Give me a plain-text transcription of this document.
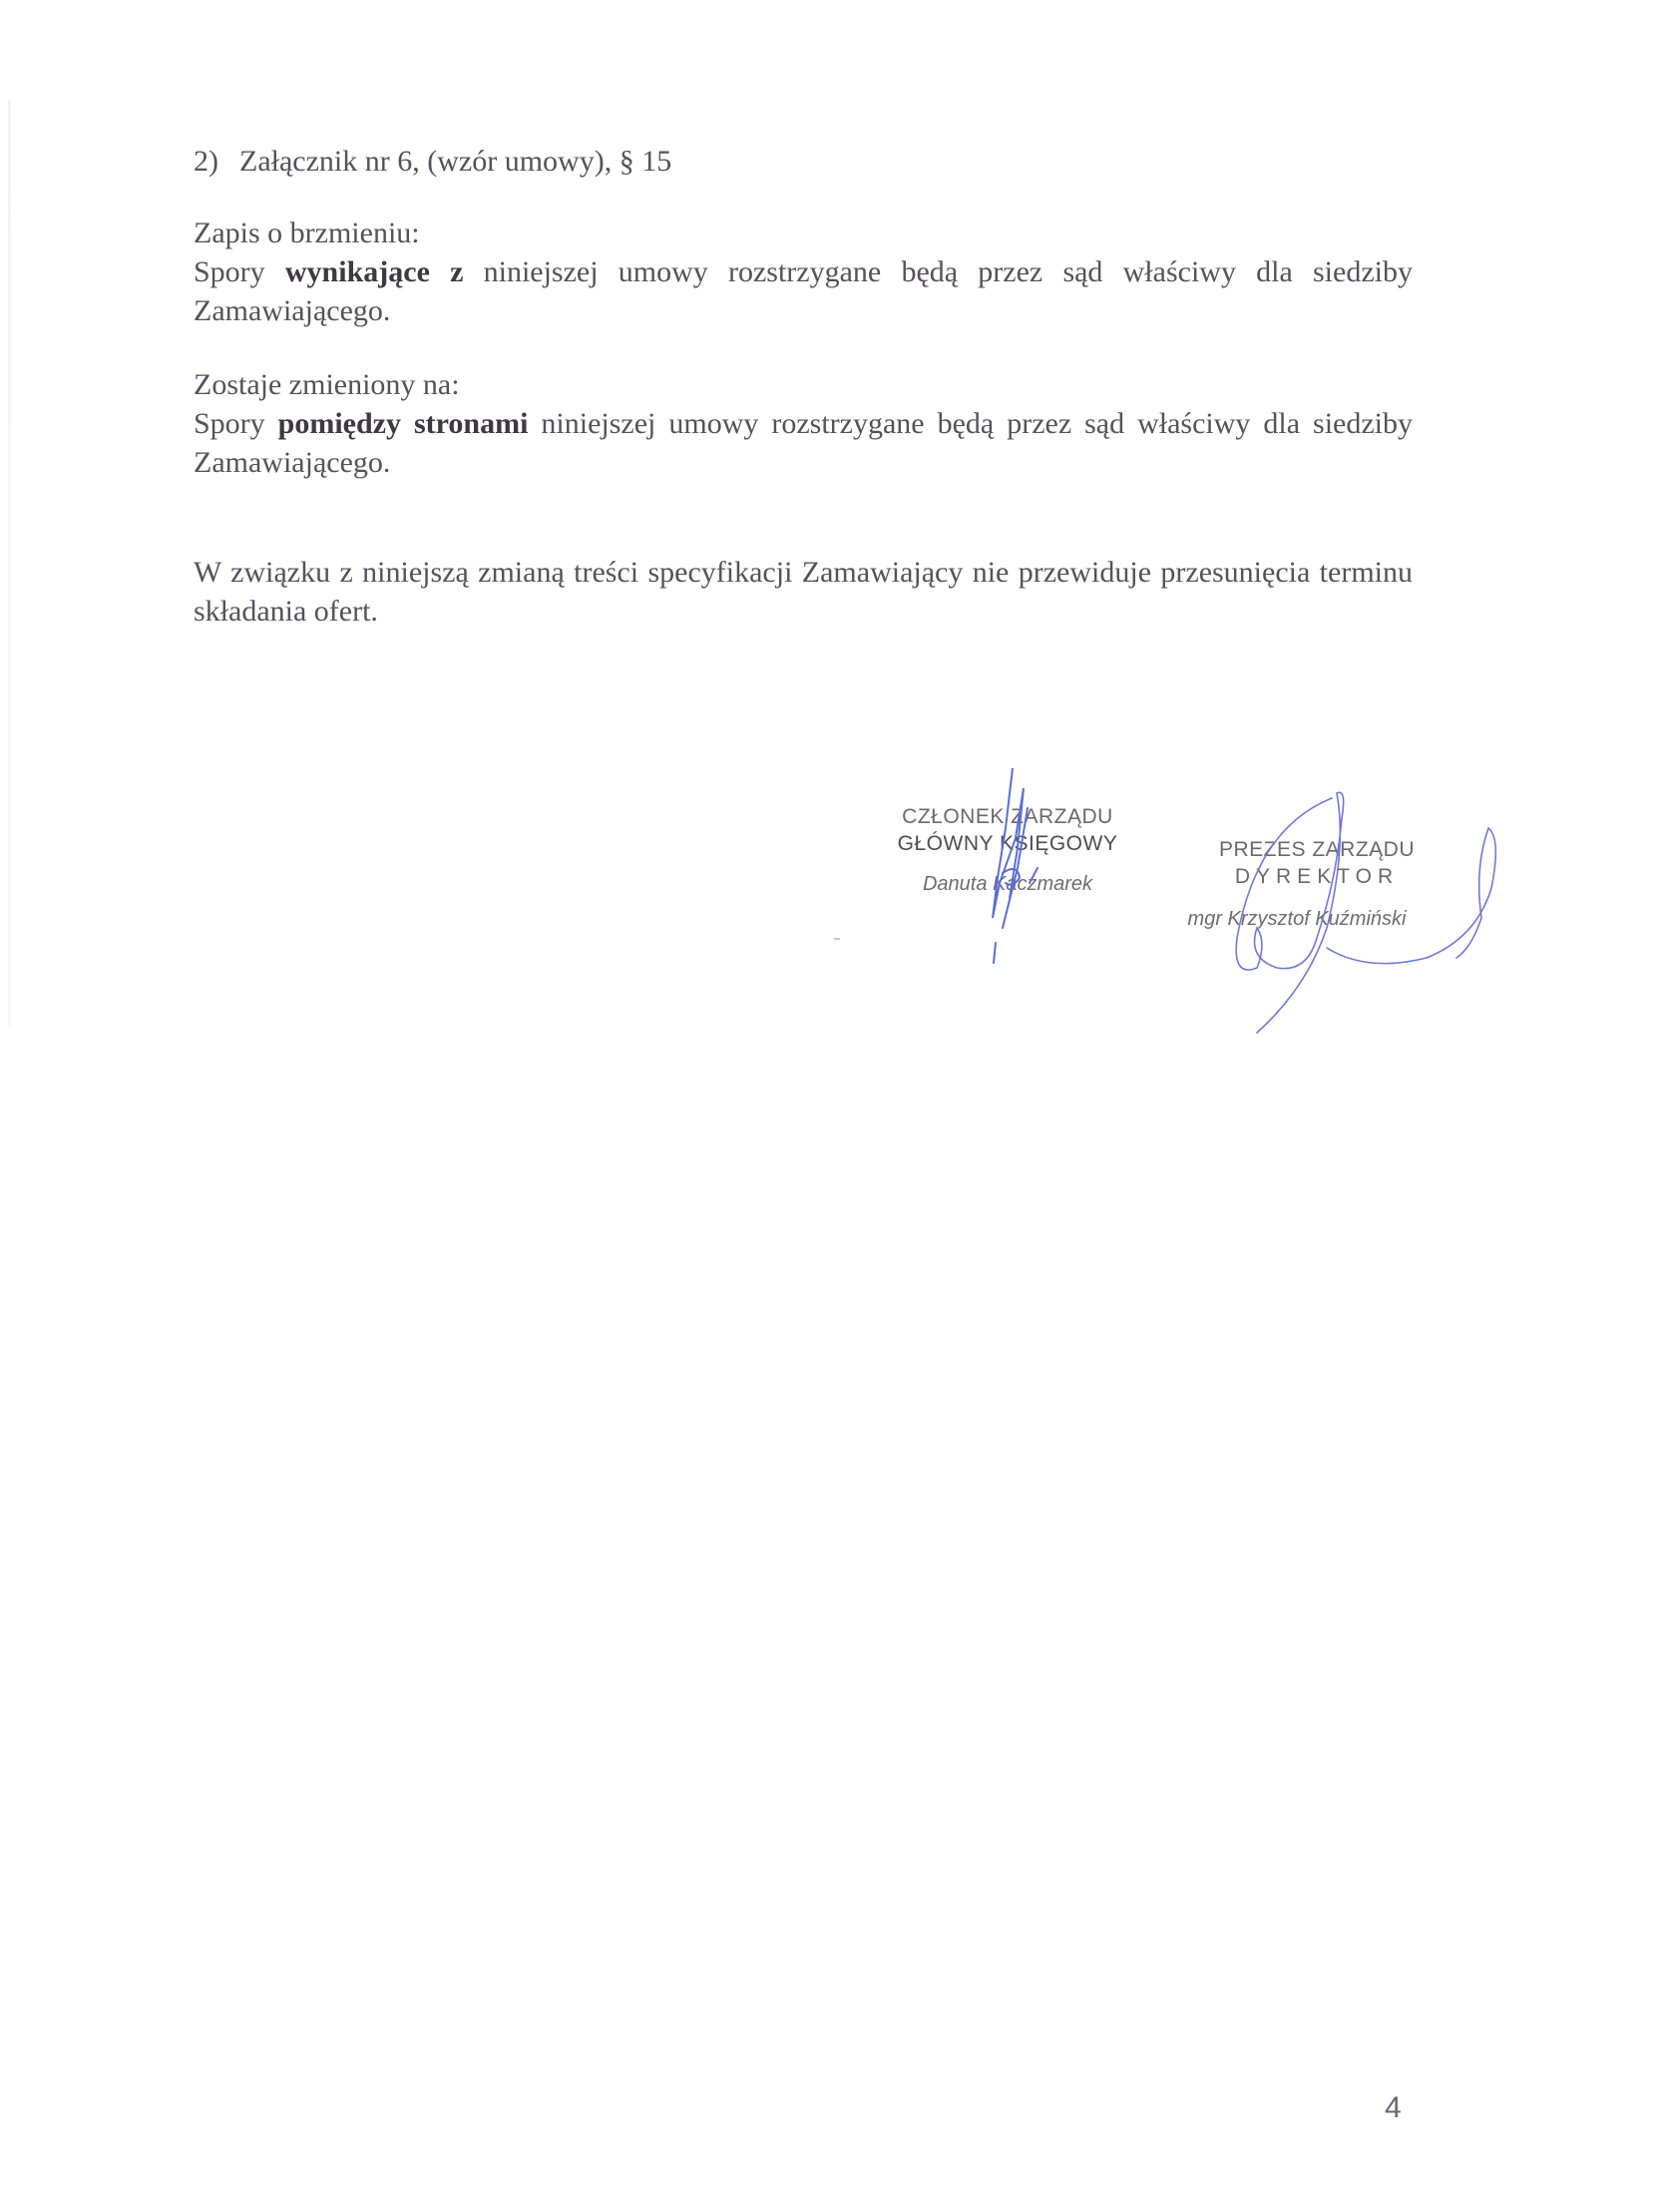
2) Załącznik nr 6, (wzór umowy), § 15

Zapis o brzmieniu:

Spory wynikające z niniejszej umowy rozstrzygane będą przez sąd właściwy dla siedziby Zamawiającego.

Zostaje zmieniony na:

Spory pomiędzy stronami niniejszej umowy rozstrzygane będą przez sąd właściwy dla siedziby Zamawiającego.

W związku z niniejszą zmianą treści specyfikacji Zamawiający nie przewiduje przesunięcia terminu składania ofert.

CZŁONEK ZARZĄDU
GŁÓWNY KSIĘGOWY
Danuta Kaczmarek
PREZES ZARZĄDU
DYREKTOR
mgr Krzysztof Kuźmiński
4
